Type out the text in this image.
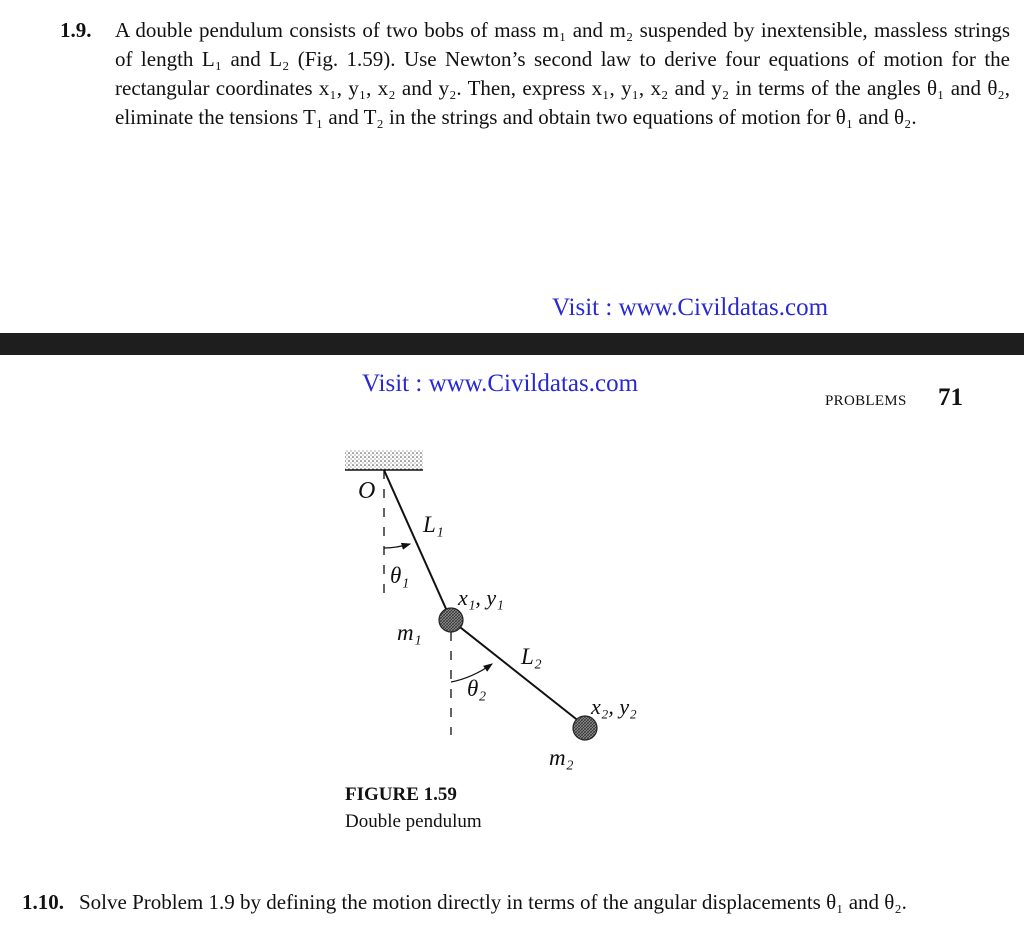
1.9.	A double pendulum consists of two bobs of mass m₁ and m₂ suspended by inextensible, massless strings of length L₁ and L₂ (Fig. 1.59). Use Newton’s second law to derive four equations of motion for the rectangular coordinates x₁, y₁, x₂ and y₂. Then, express x₁, y₁, x₂ and y₂ in terms of the angles θ₁ and θ₂, eliminate the tensions T₁ and T₂ in the strings and obtain two equations of motion for θ₁ and θ₂.

Visit : www.Civildatas.com
Visit : www.Civildatas.com
PROBLEMS 71
O
L₁
θ₁
x₁, y₁
m₁
L₂
θ₂
x₂, y₂
m₂
FIGURE 1.59
Double pendulum

1.10. Solve Problem 1.9 by defining the motion directly in terms of the angular displacements θ₁ and θ₂.
